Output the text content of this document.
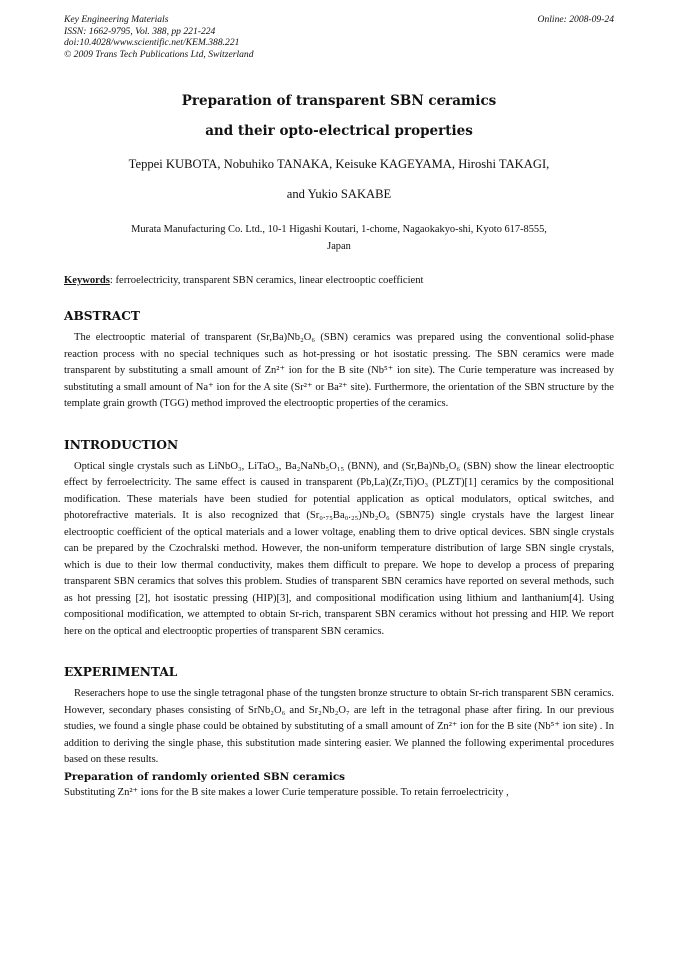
Key Engineering Materials
ISSN: 1662-9795, Vol. 388, pp 221-224
doi:10.4028/www.scientific.net/KEM.388.221
© 2009 Trans Tech Publications Ltd, Switzerland
Online: 2008-09-24
Preparation of transparent SBN ceramics
and their opto-electrical properties
Teppei KUBOTA, Nobuhiko TANAKA, Keisuke KAGEYAMA, Hiroshi TAKAGI,
and Yukio SAKABE
Murata Manufacturing Co. Ltd., 10-1 Higashi Koutari, 1-chome, Nagaokakyo-shi, Kyoto 617-8555,
Japan
Keywords: ferroelectricity, transparent SBN ceramics, linear electrooptic coefficient
ABSTRACT

The electrooptic material of transparent (Sr,Ba)Nb₂O₆ (SBN) ceramics was prepared using the conventional solid-phase reaction process with no special techniques such as hot-pressing or hot isostatic pressing. The SBN ceramics were made transparent by substituting a small amount of Zn²⁺ ion for the B site (Nb⁵⁺ ion site). The Curie temperature was increased by substituting a small amount of Na⁺ ion for the A site (Sr²⁺ or Ba²⁺ site). Furthermore, the orientation of the SBN structure by the template grain growth (TGG) method improved the electrooptic properties of the ceramics.

INTRODUCTION

Optical single crystals such as LiNbO₃, LiTaO₃, Ba₂NaNb₅O₁₅ (BNN), and (Sr,Ba)Nb₂O₆ (SBN) show the linear electrooptic effect by ferroelectricity. The same effect is caused in transparent (Pb,La)(Zr,Ti)O₃ (PLZT)[1] ceramics by the compositional modification. These materials have been studied for potential application as optical modulators, optical switches, and photorefractive materials. It is also recognized that (Sr₀.₇₅Ba₀.₂₅)Nb₂O₆ (SBN75) single crystals have the largest linear electrooptic coefficient of the optical materials and a lower voltage, enabling them to drive optical devices. SBN single crystals can be prepared by the Czochralski method. However, the non-uniform temperature distribution of large SBN single crystals, which is due to their low thermal conductivity, makes them difficult to prepare. We hope to develop a process of preparing transparent SBN ceramics that solves this problem. Studies of transparent SBN ceramics have reported on several methods, such as hot pressing [2], hot isostatic pressing (HIP)[3], and compositional modification using lithium and lanthanium[4]. Using compositional modification, we attempted to obtain Sr-rich, transparent SBN ceramics without hot pressing and HIP. We report here on the optical and electrooptic properties of transparent SBN ceramics.

EXPERIMENTAL

Reserachers hope to use the single tetragonal phase of the tungsten bronze structure to obtain Sr-rich transparent SBN ceramics. However, secondary phases consisting of SrNb₂O₆ and Sr₂Nb₂O₇ are left in the tetragonal phase after firing. In our previous studies, we found a single phase could be obtained by substituting of a small amount of Zn²⁺ ion for the B site (Nb⁵⁺ ion site) . In addition to deriving the single phase, this substitution made sintering easier. We planned the following experimental procedures based on these results.

Preparation of randomly oriented SBN ceramics

Substituting Zn²⁺ ions for the B site makes a lower Curie temperature possible. To retain ferroelectricity ,
